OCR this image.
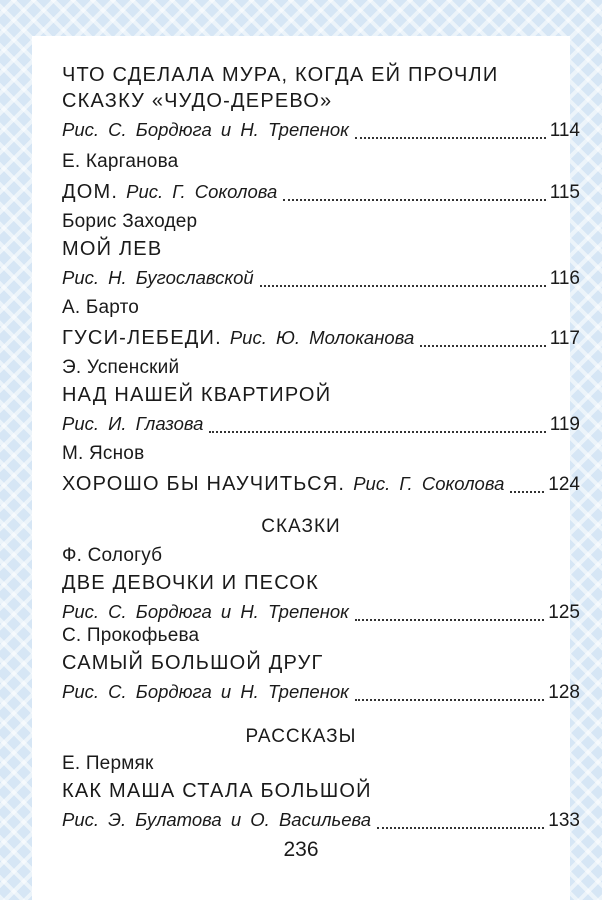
ЧТО СДЕЛАЛА МУРА, КОГДА ЕЙ ПРОЧЛИ
СКАЗКУ «ЧУДО-ДЕРЕВО»
Рис. С. Бордюга и Н. Трепенок	114
Е. Карганова
ДОМ. Рис. Г. Соколова	115
Борис Заходер
МОЙ ЛЕВ
Рис. Н. Бугославской	116
А. Барто
ГУСИ-ЛЕБЕДИ. Рис. Ю. Молоканова	117
Э. Успенский
НАД НАШЕЙ КВАРТИРОЙ
Рис. И. Глазова	119
М. Яснов
ХОРОШО БЫ НАУЧИТЬСЯ. Рис. Г. Соколова 124
СКАЗКИ
Ф. Сологуб
ДВЕ ДЕВОЧКИ И ПЕСОК
Рис. С. Бордюга и Н. Трепенок	125
С. Прокофьева
САМЫЙ БОЛЬШОЙ ДРУГ
Рис. С. Бордюга и Н. Трепенок	128
РАССКАЗЫ
Е. Пермяк
КАК МАША СТАЛА БОЛЬШОЙ
Рис. Э. Булатова и О. Васильева	133
236
